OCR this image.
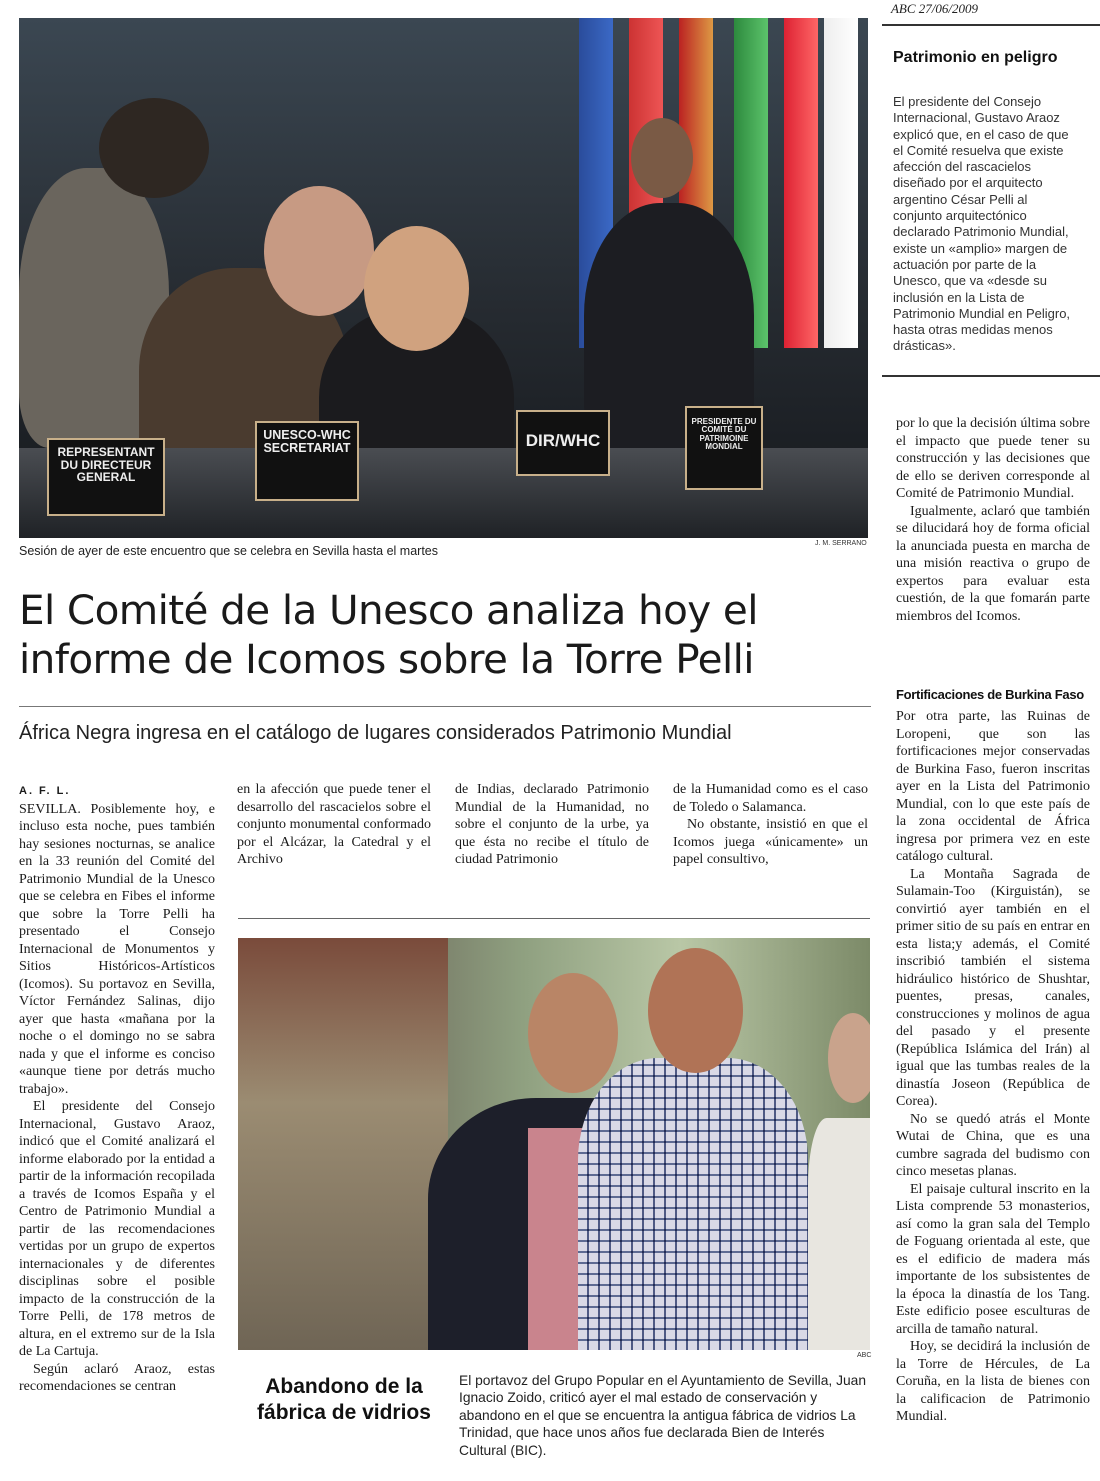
ABC 27/06/2009
REPRESENTANT DU DIRECTEUR GENERAL
UNESCO-WHC SECRETARIAT	DIR/WHC
PRESIDENTE DU COMITÉ DU PATRIMOINE MONDIAL
J. M. SERRANO
Sesión de ayer de este encuentro que se celebra en Sevilla hasta el martes
Patrimonio en peligro
El presidente del Consejo Internacional, Gustavo Araoz explicó que, en el caso de que el Comité resuelva que existe afección del rascacielos diseñado por el arquitecto argentino César Pelli al conjunto arquitectónico declarado Patrimonio Mundial, existe un «amplio» margen de actuación por parte de la Unesco, que va «desde su inclusión en la Lista de Patrimonio Mundial en Peligro, hasta otras medidas menos drásticas».
El Comité de la Unesco analiza hoy el
informe de Icomos sobre la Torre Pelli
África Negra ingresa en el catálogo de lugares considerados Patrimonio Mundial
A. F. L.

SEVILLA. Posiblemente hoy, e incluso esta noche, pues también hay sesiones nocturnas, se analice en la 33 reunión del Comité del Patrimonio Mundial de la Unesco que se celebra en Fibes el informe que sobre la Torre Pelli ha presentado el Consejo Internacional de Monumentos y Sitios Históricos-Artísticos (Icomos). Su portavoz en Sevilla, Víctor Fernández Salinas, dijo ayer que hasta «mañana por la noche o el domingo no se sabra nada y que el informe es conciso «aunque tiene por detrás mucho trabajo».

El presidente del Consejo Internacional, Gustavo Araoz, indicó que el Comité analizará el informe elaborado por la entidad a partir de la información recopilada a través de Icomos España y el Centro de Patrimonio Mundial a partir de las recomendaciones vertidas por un grupo de expertos internacionales y de diferentes disciplinas sobre el posible impacto de la construcción de la Torre Pelli, de 178 metros de altura, en el extremo sur de la Isla de La Cartuja.

Según aclaró Araoz, estas recomendaciones se centran

en la afección que puede tener el desarrollo del rascacielos sobre el conjunto monumental conformado por el Alcázar, la Catedral y el Archivo

de Indias, declarado Patrimonio Mundial de la Humanidad, no sobre el conjunto de la urbe, ya que ésta no recibe el título de ciudad Patrimonio

de la Humanidad como es el caso de Toledo o Salamanca.

No obstante, insistió en que el Icomos juega «únicamente» un papel consultivo,

ABC
Abandono de la fábrica de vidrios
El portavoz del Grupo Popular en el Ayuntamiento de Sevilla, Juan Ignacio Zoido, criticó ayer el mal estado de conservación y abandono en el que se encuentra la antigua fábrica de vidrios La Trinidad, que hace unos años fue declarada Bien de Interés Cultural (BIC).

por lo que la decisión última sobre el impacto que puede tener su construcción y las decisiones que de ello se deriven corresponde al Comité de Patrimonio Mundial.

Igualmente, aclaró que también se dilucidará hoy de forma oficial la anunciada puesta en marcha de una misión reactiva o grupo de expertos para evaluar esta cuestión, de la que fomarán parte miembros del Icomos.

Fortificaciones de Burkina Faso

Por otra parte, las Ruinas de Loropeni, que son las fortificaciones mejor conservadas de Burkina Faso, fueron inscritas ayer en la Lista del Patrimonio Mundial, con lo que este país de la zona occidental de África ingresa por primera vez en este catálogo cultural.

La Montaña Sagrada de Sulamain-Too (Kirguistán), se convirtió ayer también en el primer sitio de su país en entrar en esta lista;y además, el Comité inscribió también el sistema hidráulico histórico de Shushtar, puentes, presas, canales, construcciones y molinos de agua del pasado y el presente (República Islámica del Irán) al igual que las tumbas reales de la dinastía Joseon (República de Corea).

No se quedó atrás el Monte Wutai de China, que es una cumbre sagrada del budismo con cinco mesetas planas.

El paisaje cultural inscrito en la Lista comprende 53 monasterios, así como la gran sala del Templo de Foguang orientada al este, que es el edificio de madera más importante de los subsistentes de la época la dinastía de los Tang. Este edificio posee esculturas de arcilla de tamaño natural.

Hoy, se decidirá la inclusión de la Torre de Hércules, de La Coruña, en la lista de bienes con la calificacion de Patrimonio Mundial.
